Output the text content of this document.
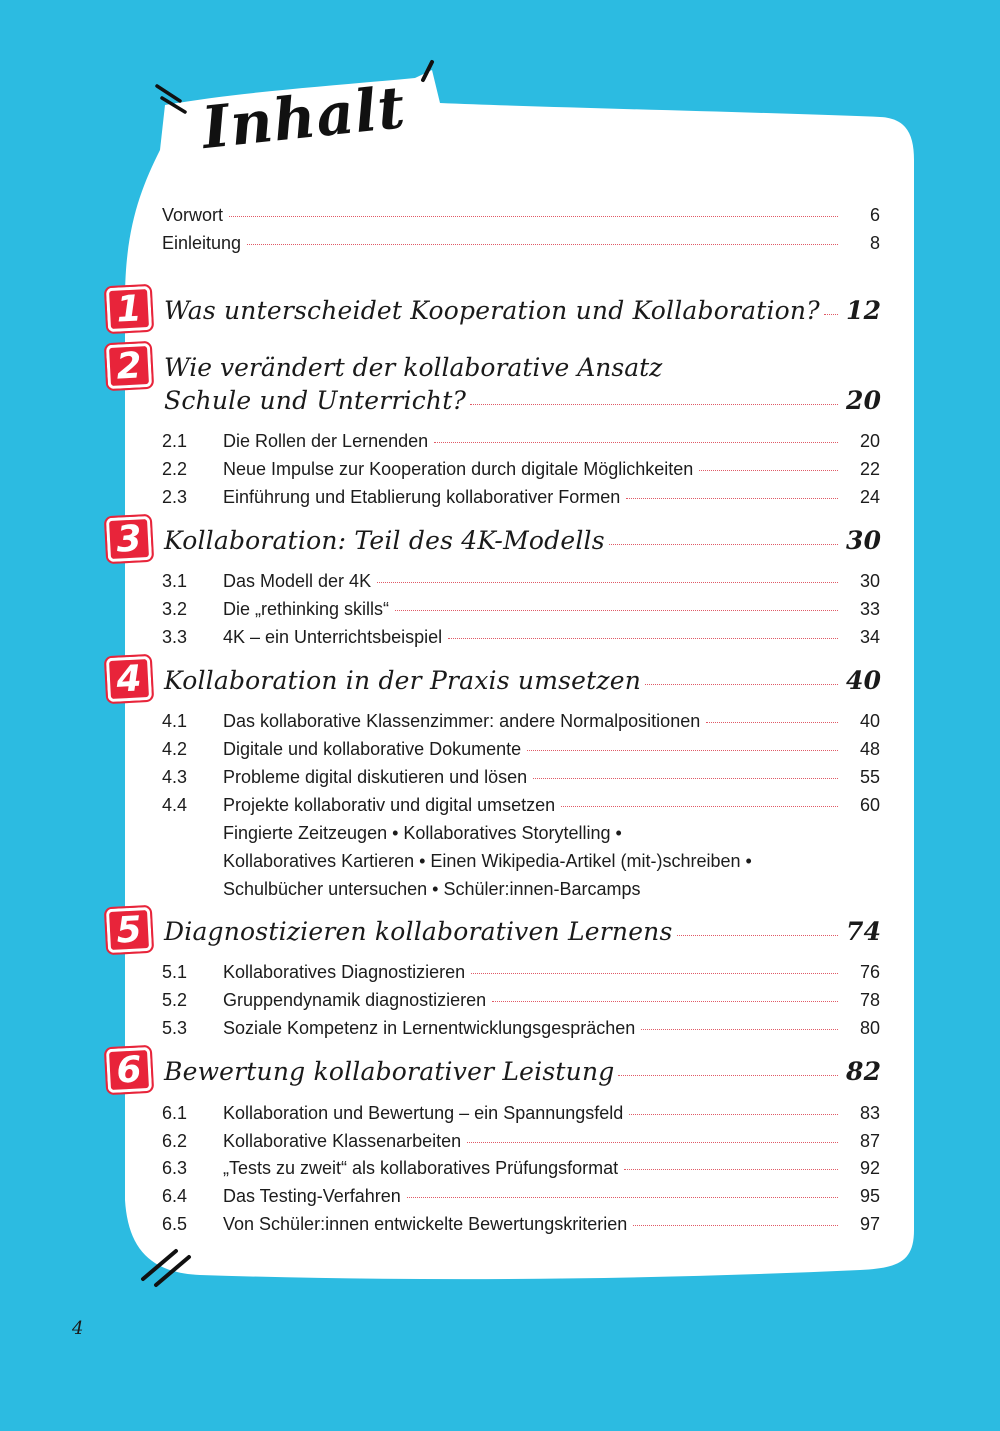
Inhalt
Vorwort	6
Einleitung	8
1 Was unterscheidet Kooperation und Kollaboration? 12
2 Wie verändert der kollaborative Ansatz
Schule und Unterricht?	20
2.1	Die Rollen der Lernenden	20
2.2	Neue Impulse zur Kooperation durch digitale Möglichkeiten	22
2.3	Einführung und Etablierung kollaborativer Formen	24
3 Kollaboration: Teil des 4K-Modells	30
3.1	Das Modell der 4K	30
3.2	Die „rethinking skills“	33
3.3	4K – ein Unterrichtsbeispiel	34
4 Kollaboration in der Praxis umsetzen	40
4.1	Das kollaborative Klassenzimmer: andere Normalpositionen	40
4.2	Digitale und kollaborative Dokumente	48
4.3	Probleme digital diskutieren und lösen	55
4.4	Projekte kollaborativ und digital umsetzen	60
Fingierte Zeitzeugen • Kollaboratives Storytelling •
Kollaboratives Kartieren • Einen Wikipedia-Artikel (mit-)schreiben •
Schulbücher untersuchen • Schüler:innen-Barcamps
5 Diagnostizieren kollaborativen Lernens	74
5.1	Kollaboratives Diagnostizieren	76
5.2	Gruppendynamik diagnostizieren	78
5.3	Soziale Kompetenz in Lernentwicklungsgesprächen	80
6 Bewertung kollaborativer Leistung	82
6.1	Kollaboration und Bewertung – ein Spannungsfeld	83
6.2	Kollaborative Klassenarbeiten	87
6.3	„Tests zu zweit“ als kollaboratives Prüfungsformat	92
6.4	Das Testing-Verfahren	95
6.5	Von Schüler:innen entwickelte Bewertungskriterien	97
4
